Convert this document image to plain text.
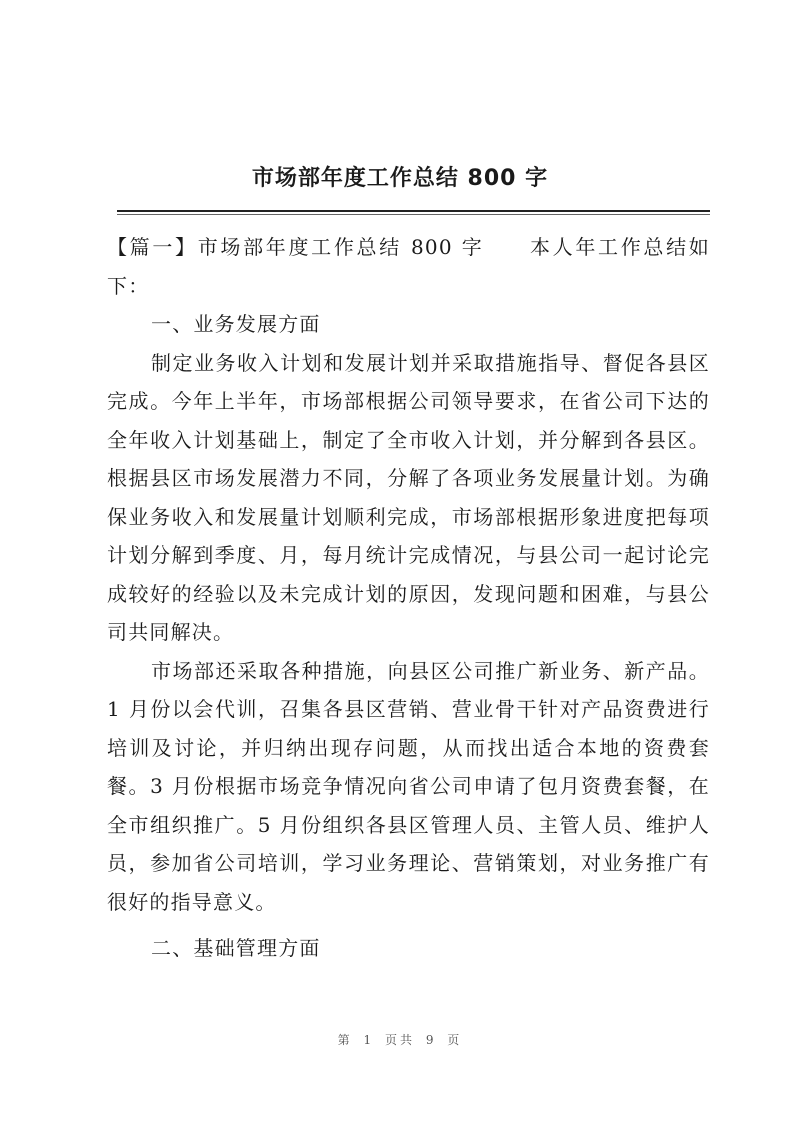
市场部年度工作总结 800 字

【篇一】市场部年度工作总结 800 字 本人年工作总结如下：

一、业务发展方面

制定业务收入计划和发展计划并采取措施指导、督促各县区完成。今年上半年，市场部根据公司领导要求，在省公司下达的全年收入计划基础上，制定了全市收入计划，并分解到各县区。根据县区市场发展潜力不同，分解了各项业务发展量计划。为确保业务收入和发展量计划顺利完成，市场部根据形象进度把每项计划分解到季度、月，每月统计完成情况，与县公司一起讨论完成较好的经验以及未完成计划的原因，发现问题和困难，与县公司共同解决。

市场部还采取各种措施，向县区公司推广新业务、新产品。1 月份以会代训，召集各县区营销、营业骨干针对产品资费进行培训及讨论，并归纳出现存问题，从而找出适合本地的资费套餐。3 月份根据市场竞争情况向省公司申请了包月资费套餐，在全市组织推广。5 月份组织各县区管理人员、主管人员、维护人员，参加省公司培训，学习业务理论、营销策划，对业务推广有很好的指导意义。

二、基础管理方面

第 1 页共 9 页
